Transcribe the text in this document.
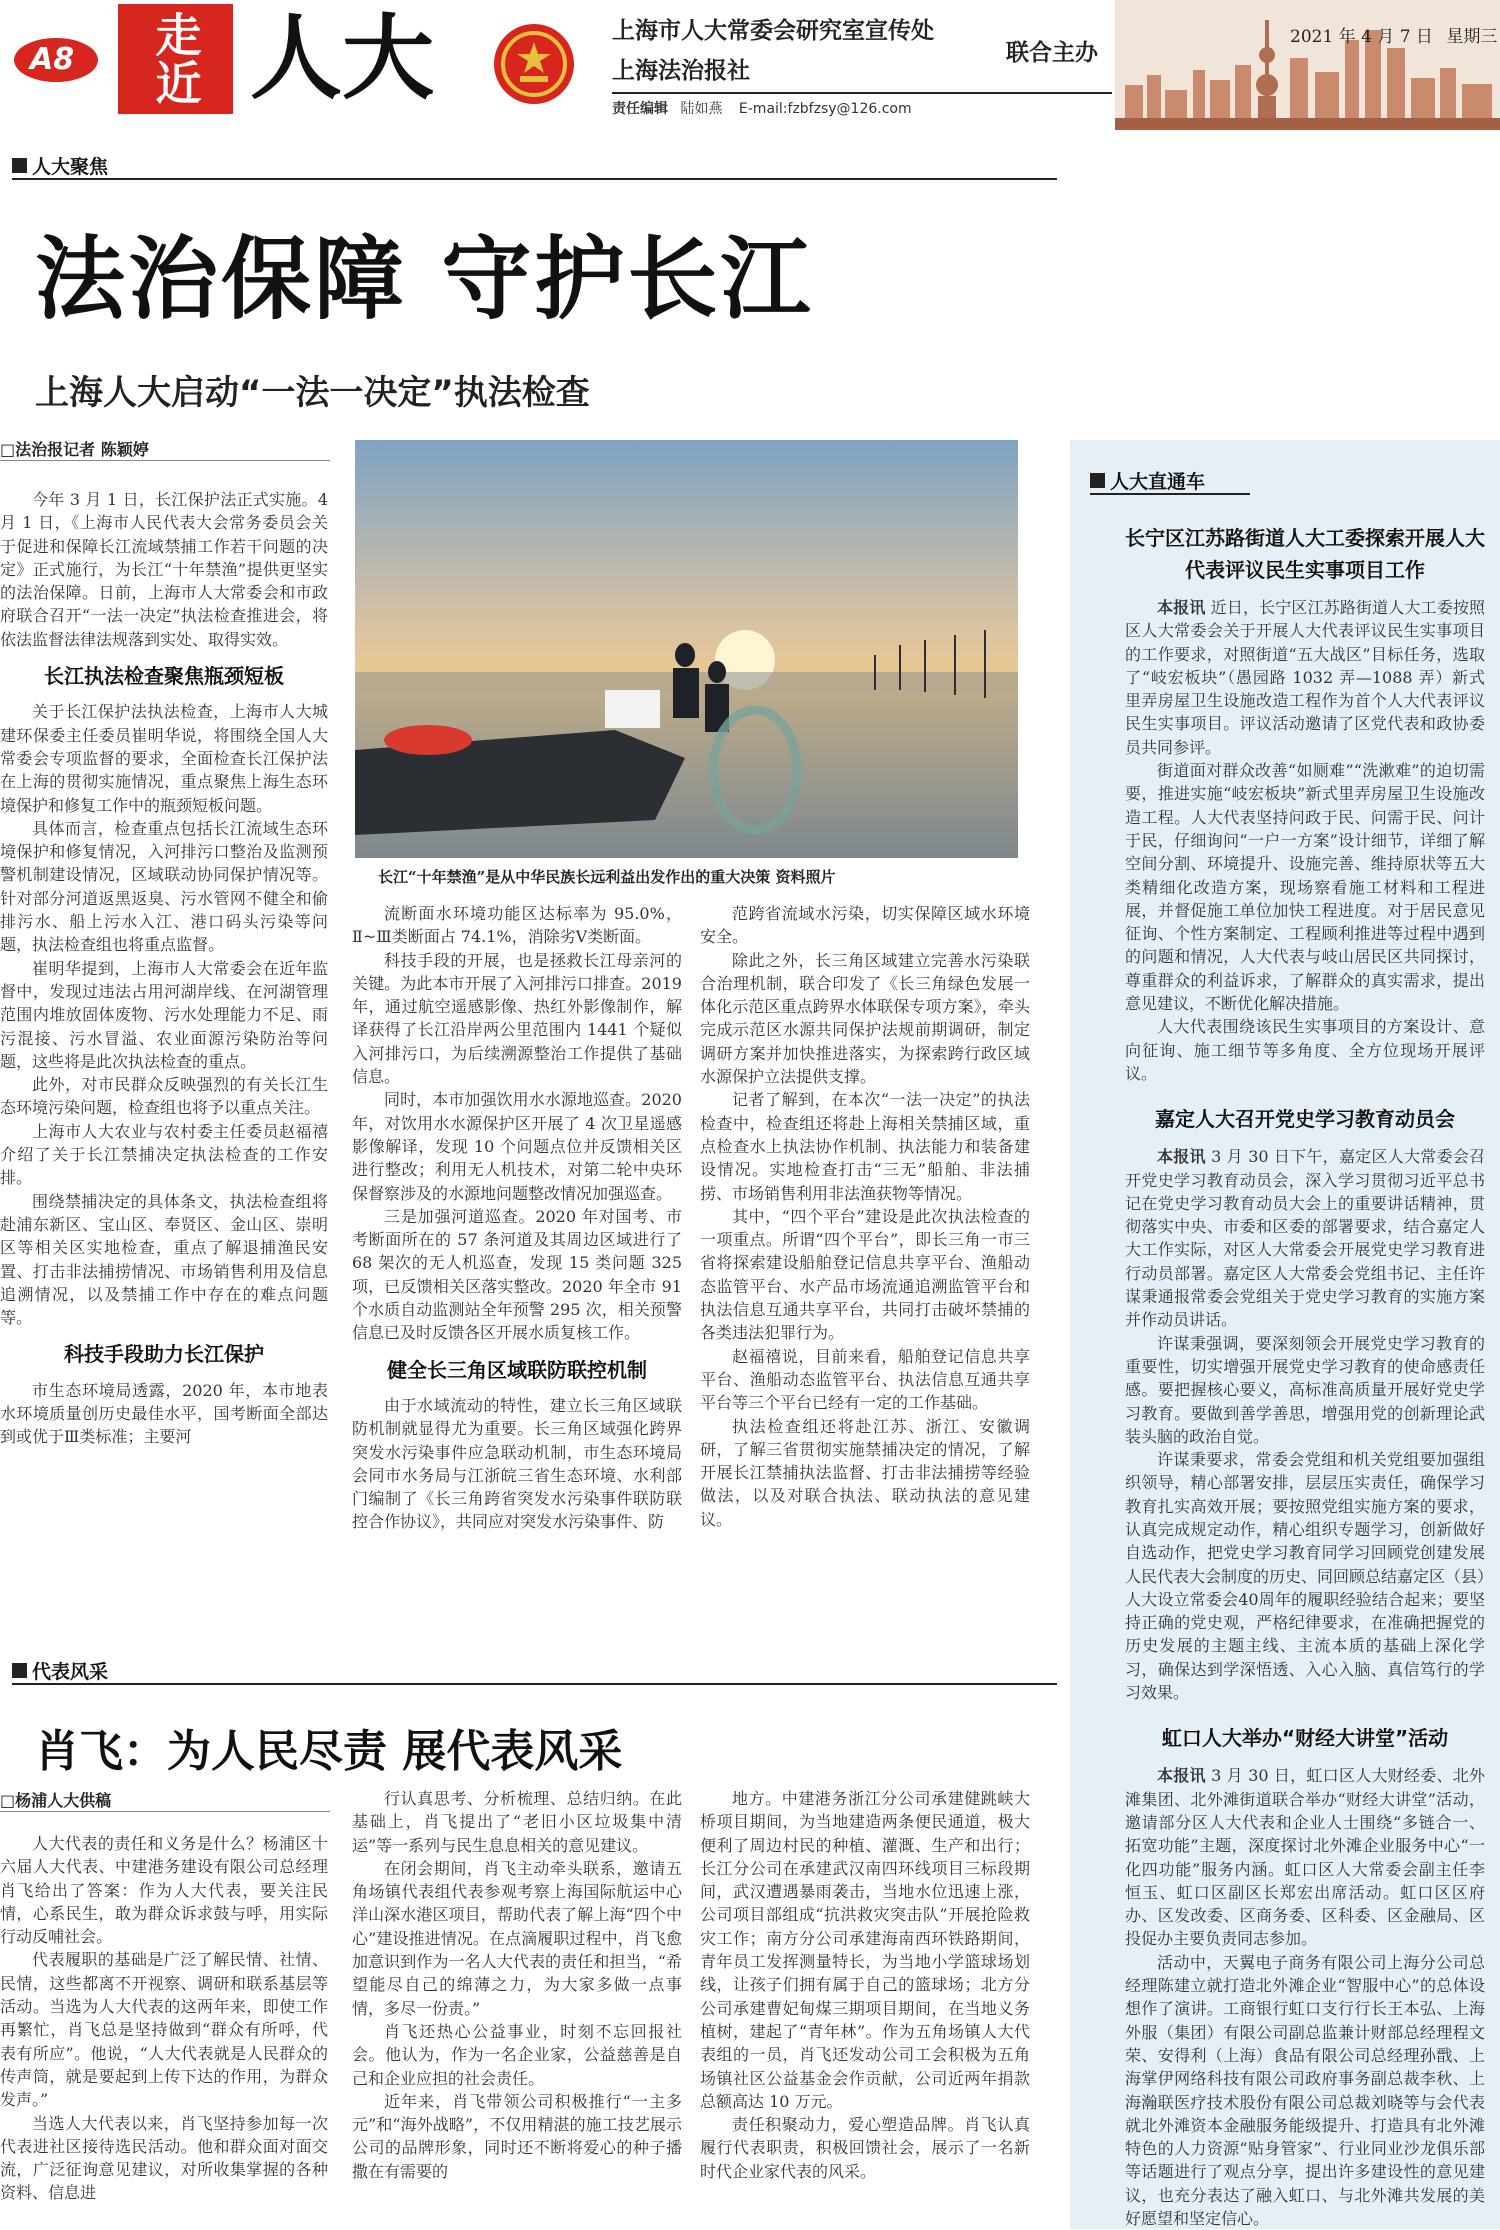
A8 走近 人大	上海市人大常委会研究室宣传处
上海法治报社
联合主办
责任编辑 陆如燕 E-mail:fzbfzsy@126.com
2021 年 4 月 7 日 星期三
人大聚焦
法治保障 守护长江
上海人大启动“一法一决定”执法检查
□法治报记者 陈颖婷
长江“十年禁渔”是从中华民族长远利益出发作出的重大决策 资料照片

今年 3 月 1 日，长江保护法正式实施。4 月 1 日，《上海市人民代表大会常务委员会关于促进和保障长江流域禁捕工作若干问题的决定》正式施行，为长江“十年禁渔”提供更坚实的法治保障。日前，上海市人大常委会和市政府联合召开“一法一决定”执法检查推进会，将依法监督法律法规落到实处、取得实效。

长江执法检查聚焦瓶颈短板

关于长江保护法执法检查，上海市人大城建环保委主任委员崔明华说，将围绕全国人大常委会专项监督的要求，全面检查长江保护法在上海的贯彻实施情况，重点聚焦上海生态环境保护和修复工作中的瓶颈短板问题。

具体而言，检查重点包括长江流域生态环境保护和修复情况，入河排污口整治及监测预警机制建设情况，区域联动协同保护情况等。针对部分河道返黑返臭、污水管网不健全和偷排污水、船上污水入江、港口码头污染等问题，执法检查组也将重点监督。

崔明华提到，上海市人大常委会在近年监督中，发现过违法占用河湖岸线、在河湖管理范围内堆放固体废物、污水处理能力不足、雨污混接、污水冒溢、农业面源污染防治等问题，这些将是此次执法检查的重点。

此外，对市民群众反映强烈的有关长江生态环境污染问题，检查组也将予以重点关注。

上海市人大农业与农村委主任委员赵福禧介绍了关于长江禁捕决定执法检查的工作安排。

围绕禁捕决定的具体条文，执法检查组将赴浦东新区、宝山区、奉贤区、金山区、崇明区等相关区实地检查，重点了解退捕渔民安置、打击非法捕捞情况、市场销售利用及信息追溯情况，以及禁捕工作中存在的难点问题等。

科技手段助力长江保护

市生态环境局透露，2020 年，本市地表水环境质量创历史最佳水平，国考断面全部达到或优于Ⅲ类标准；主要河

流断面水环境功能区达标率为 95.0%，Ⅱ~Ⅲ类断面占 74.1%，消除劣Ⅴ类断面。

科技手段的开展，也是拯救长江母亲河的关键。为此本市开展了入河排污口排查。2019 年，通过航空遥感影像、热红外影像制作，解译获得了长江沿岸两公里范围内 1441 个疑似入河排污口，为后续溯源整治工作提供了基础信息。

同时，本市加强饮用水水源地巡查。2020 年，对饮用水水源保护区开展了 4 次卫星遥感影像解译，发现 10 个问题点位并反馈相关区进行整改；利用无人机技术，对第二轮中央环保督察涉及的水源地问题整改情况加强巡查。

三是加强河道巡查。2020 年对国考、市考断面所在的 57 条河道及其周边区域进行了 68 架次的无人机巡查，发现 15 类问题 325 项，已反馈相关区落实整改。2020 年全市 91 个水质自动监测站全年预警 295 次，相关预警信息已及时反馈各区开展水质复核工作。

健全长三角区域联防联控机制

由于水域流动的特性，建立长三角区域联防机制就显得尤为重要。长三角区域强化跨界突发水污染事件应急联动机制，市生态环境局会同市水务局与江浙皖三省生态环境、水利部门编制了《长三角跨省突发水污染事件联防联控合作协议》，共同应对突发水污染事件、防

范跨省流域水污染，切实保障区域水环境安全。

除此之外，长三角区域建立完善水污染联合治理机制，联合印发了《长三角绿色发展一体化示范区重点跨界水体联保专项方案》，牵头完成示范区水源共同保护法规前期调研，制定调研方案并加快推进落实，为探索跨行政区域水源保护立法提供支撑。

记者了解到，在本次“一法一决定”的执法检查中，检查组还将赴上海相关禁捕区域，重点检查水上执法协作机制、执法能力和装备建设情况。实地检查打击“三无”船舶、非法捕捞、市场销售利用非法渔获物等情况。

其中，“四个平台”建设是此次执法检查的一项重点。所谓“四个平台”，即长三角一市三省将探索建设船舶登记信息共享平台、渔船动态监管平台、水产品市场流通追溯监管平台和执法信息互通共享平台，共同打击破坏禁捕的各类违法犯罪行为。

赵福禧说，目前来看，船舶登记信息共享平台、渔船动态监管平台、执法信息互通共享平台等三个平台已经有一定的工作基础。

执法检查组还将赴江苏、浙江、安徽调研，了解三省贯彻实施禁捕决定的情况，了解开展长江禁捕执法监督、打击非法捕捞等经验做法，以及对联合执法、联动执法的意见建议。

代表风采
肖飞：为人民尽责 展代表风采
□杨浦人大供稿

人大代表的责任和义务是什么？杨浦区十六届人大代表、中建港务建设有限公司总经理肖飞给出了答案：作为人大代表，要关注民情，心系民生，敢为群众诉求鼓与呼，用实际行动反哺社会。

代表履职的基础是广泛了解民情、社情、民情，这些都离不开视察、调研和联系基层等活动。当选为人大代表的这两年来，即使工作再繁忙，肖飞总是坚持做到“群众有所呼，代表有所应”。他说，“人大代表就是人民群众的传声筒，就是要起到上传下达的作用，为群众发声。”

当选人大代表以来，肖飞坚持参加每一次代表进社区接待选民活动。他和群众面对面交流，广泛征询意见建议，对所收集掌握的各种资料、信息进

行认真思考、分析梳理、总结归纳。在此基础上，肖飞提出了“老旧小区垃圾集中清运”等一系列与民生息息相关的意见建议。

在闭会期间，肖飞主动牵头联系，邀请五角场镇代表组代表参观考察上海国际航运中心洋山深水港区项目，帮助代表了解上海“四个中心”建设推进情况。在点滴履职过程中，肖飞愈加意识到作为一名人大代表的责任和担当，“希望能尽自己的绵薄之力，为大家多做一点事情，多尽一份责。”

肖飞还热心公益事业，时刻不忘回报社会。他认为，作为一名企业家，公益慈善是自己和企业应担的社会责任。

近年来，肖飞带领公司积极推行“一主多元”和“海外战略”，不仅用精湛的施工技艺展示公司的品牌形象，同时还不断将爱心的种子播撒在有需要的

地方。中建港务浙江分公司承建健跳峡大桥项目期间，为当地建造两条便民通道，极大便利了周边村民的种植、灌溉、生产和出行；长江分公司在承建武汉南四环线项目三标段期间，武汉遭遇暴雨袭击，当地水位迅速上涨，公司项目部组成“抗洪救灾突击队”开展抢险救灾工作；南方分公司承建海南西环铁路期间，青年员工发挥测量特长，为当地小学篮球场划线，让孩子们拥有属于自己的篮球场；北方分公司承建曹妃甸煤三期项目期间，在当地义务植树，建起了“青年林”。作为五角场镇人大代表组的一员，肖飞还发动公司工会积极为五角场镇社区公益基金会作贡献，公司近两年捐款总额高达 10 万元。

责任积聚动力，爱心塑造品牌。肖飞认真履行代表职责，积极回馈社会，展示了一名新时代企业家代表的风采。

人大直通车
长宁区江苏路街道人大工委探索开展人大代表评议民生实事项目工作

本报讯 近日，长宁区江苏路街道人大工委按照区人大常委会关于开展人大代表评议民生实事项目的工作要求，对照街道“五大战区”目标任务，选取了“岐宏板块”（愚园路 1032 弄—1088 弄）新式里弄房屋卫生设施改造工程作为首个人大代表评议民生实事项目。评议活动邀请了区党代表和政协委员共同参评。

街道面对群众改善“如厕难”“洗漱难”的迫切需要，推进实施“岐宏板块”新式里弄房屋卫生设施改造工程。人大代表坚持问政于民、问需于民、问计于民，仔细询问“一户一方案”设计细节，详细了解空间分割、环境提升、设施完善、维持原状等五大类精细化改造方案，现场察看施工材料和工程进展，并督促施工单位加快工程进度。对于居民意见征询、个性方案制定、工程顾利推进等过程中遇到的问题和情况，人大代表与岐山居民区共同探讨，尊重群众的利益诉求，了解群众的真实需求，提出意见建议，不断优化解决措施。

人大代表围绕该民生实事项目的方案设计、意向征询、施工细节等多角度、全方位现场开展评议。

嘉定人大召开党史学习教育动员会

本报讯 3 月 30 日下午，嘉定区人大常委会召开党史学习教育动员会，深入学习贯彻习近平总书记在党史学习教育动员大会上的重要讲话精神，贯彻落实中央、市委和区委的部署要求，结合嘉定人大工作实际，对区人大常委会开展党史学习教育进行动员部署。嘉定区人大常委会党组书记、主任许谋秉通报常委会党组关于党史学习教育的实施方案并作动员讲话。

许谋秉强调，要深刻领会开展党史学习教育的重要性，切实增强开展党史学习教育的使命感责任感。要把握核心要义，高标准高质量开展好党史学习教育。要做到善学善思，增强用党的创新理论武装头脑的政治自觉。

许谋秉要求，常委会党组和机关党组要加强组织领导，精心部署安排，层层压实责任，确保学习教育扎实高效开展；要按照党组实施方案的要求，认真完成规定动作，精心组织专题学习，创新做好自选动作，把党史学习教育同学习回顾党创建发展人民代表大会制度的历史、同回顾总结嘉定区（县）人大设立常委会40周年的履职经验结合起来；要坚持正确的党史观，严格纪律要求，在准确把握党的历史发展的主题主线、主流本质的基础上深化学习，确保达到学深悟透、入心入脑、真信笃行的学习效果。

虹口人大举办“财经大讲堂”活动

本报讯 3 月 30 日，虹口区人大财经委、北外滩集团、北外滩街道联合举办“财经大讲堂”活动，邀请部分区人大代表和企业人士围绕“多链合一、拓宽功能”主题，深度探讨北外滩企业服务中心“一化四功能”服务内涵。虹口区人大常委会副主任李恒玉、虹口区副区长郑宏出席活动。虹口区区府办、区发改委、区商务委、区科委、区金融局、区投促办主要负责同志参加。

活动中，天翼电子商务有限公司上海分公司总经理陈建立就打造北外滩企业“智服中心”的总体设想作了演讲。工商银行虹口支行行长王本弘、上海外服（集团）有限公司副总监兼计财部总经理程文荣、安得利（上海）食品有限公司总经理孙戬、上海掌伊网络科技有限公司政府事务副总裁李秋、上海瀚联医疗技术股份有限公司总裁刘晓等与会代表就北外滩资本金融服务能级提升、打造具有北外滩特色的人力资源“贴身管家”、行业同业沙龙俱乐部等话题进行了观点分享，提出许多建设性的意见建议，也充分表达了融入虹口、与北外滩共发展的美好愿望和坚定信心。
